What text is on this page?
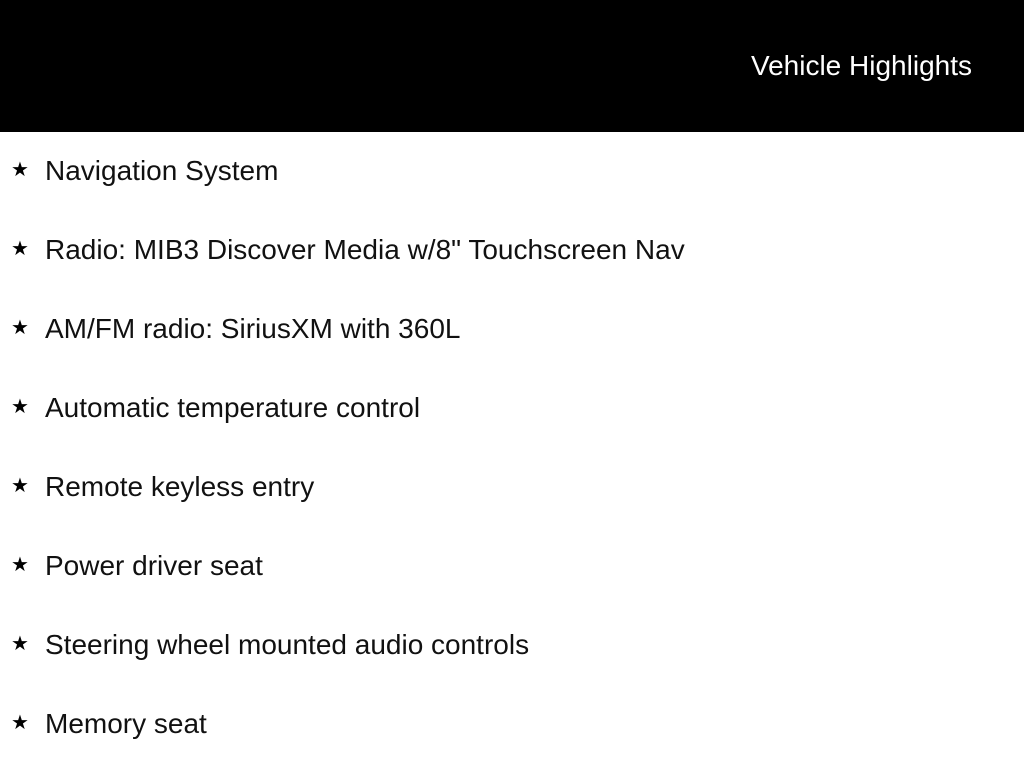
Vehicle Highlights
★ Navigation System
★ Radio: MIB3 Discover Media w/8" Touchscreen Nav
★ AM/FM radio: SiriusXM with 360L
★ Automatic temperature control
★ Remote keyless entry
★ Power driver seat
★ Steering wheel mounted audio controls
★ Memory seat
